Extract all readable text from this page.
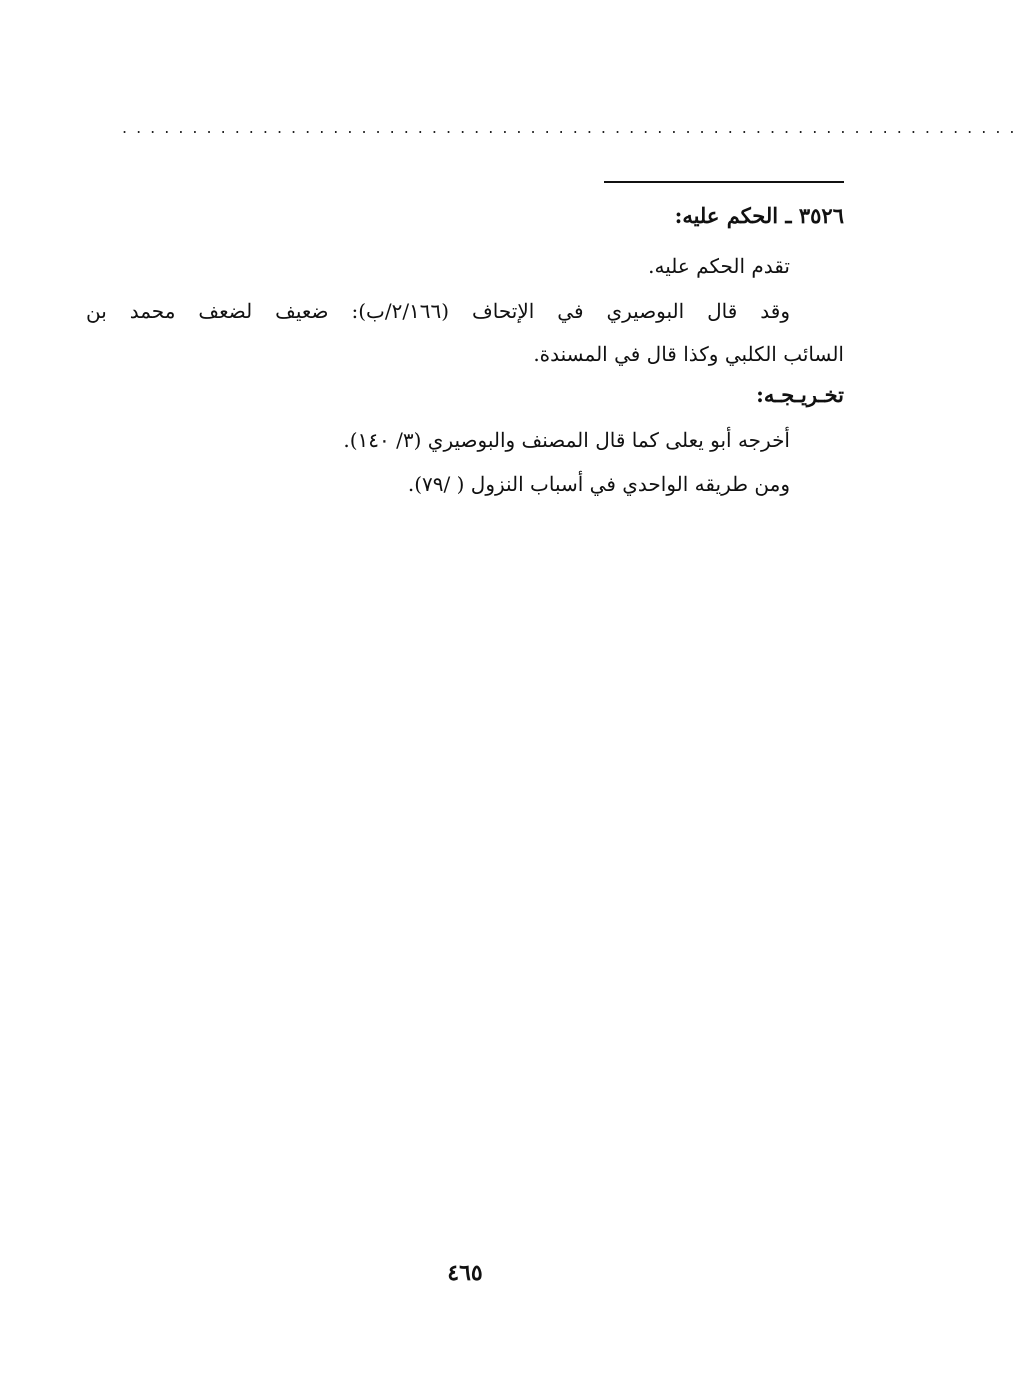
................................................................
٣٥٢٦ ـ الحكم عليه:
تقدم الحكم عليه.
وقد قال البوصيري في الإتحاف (٢/١٦٦/ب): ضعيف لضعف محمد بن
السائب الكلبي وكذا قال في المسندة.
تخـريـجـه:
أخرجه أبو يعلى كما قال المصنف والبوصيري (٣/ ١٤٠).
ومن طريقه الواحدي في أسباب النزول ( /٧٩).
٤٦٥
